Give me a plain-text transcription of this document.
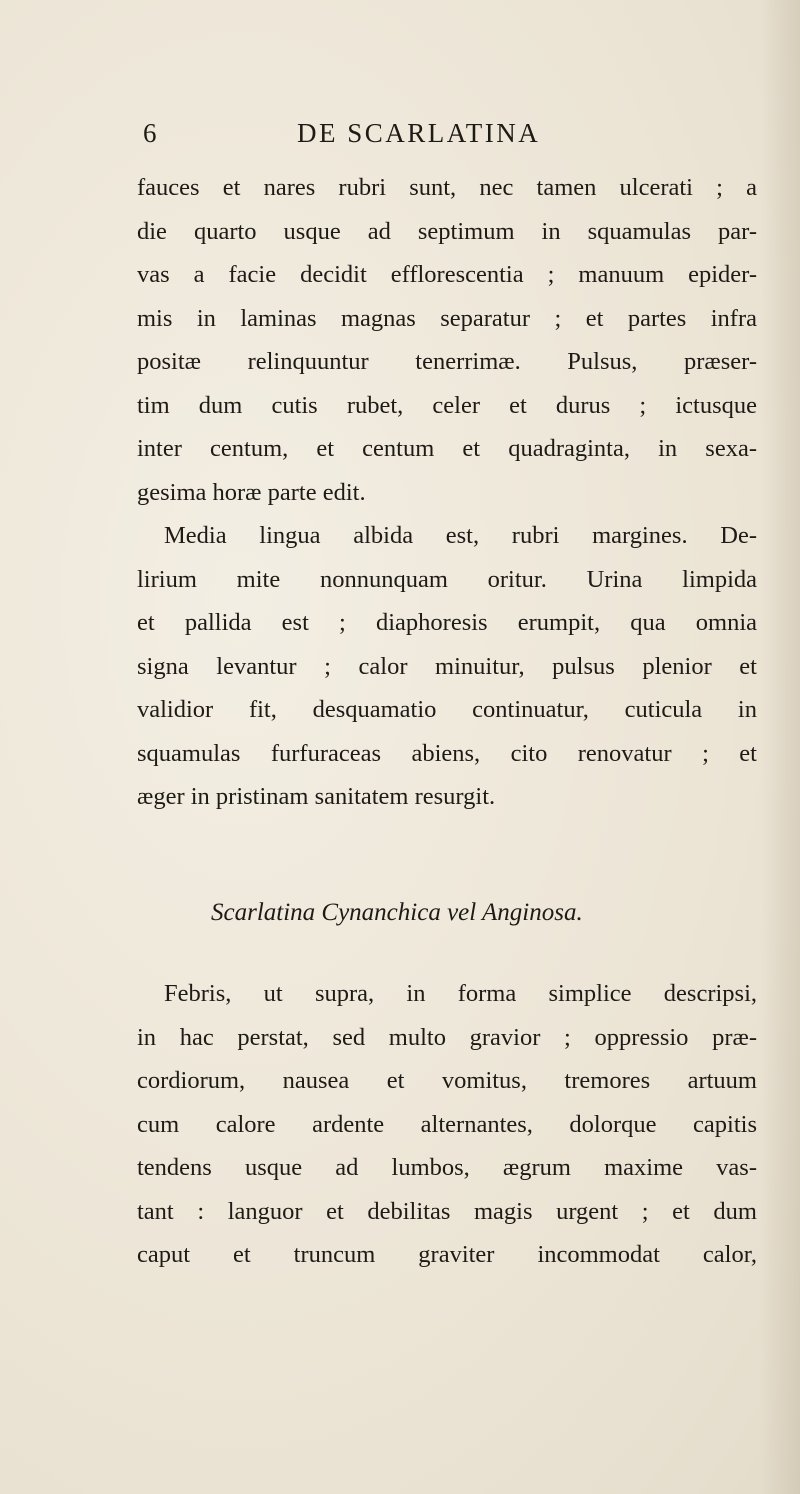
6	DE SCARLATINA
fauces et nares rubri sunt, nec tamen ulcerati ; a
die quarto usque ad septimum in squamulas par-
vas a facie decidit efflorescentia ; manuum epider-
mis in laminas magnas separatur ; et partes infra
positæ relinquuntur tenerrimæ. Pulsus, præser-
tim dum cutis rubet, celer et durus ; ictusque
inter centum, et centum et quadraginta, in sexa-
gesima horæ parte edit.
Media lingua albida est, rubri margines. De-
lirium mite nonnunquam oritur. Urina limpida
et pallida est ; diaphoresis erumpit, qua omnia
signa levantur ; calor minuitur, pulsus plenior et
validior fit, desquamatio continuatur, cuticula in
squamulas furfuraceas abiens, cito renovatur ; et
æger in pristinam sanitatem resurgit.
Scarlatina Cynanchica vel Anginosa.
Febris, ut supra, in forma simplice descripsi,
in hac perstat, sed multo gravior ; oppressio præ-
cordiorum, nausea et vomitus, tremores artuum
cum calore ardente alternantes, dolorque capitis
tendens usque ad lumbos, ægrum maxime vas-
tant : languor et debilitas magis urgent ; et dum
caput et truncum graviter incommodat calor,
